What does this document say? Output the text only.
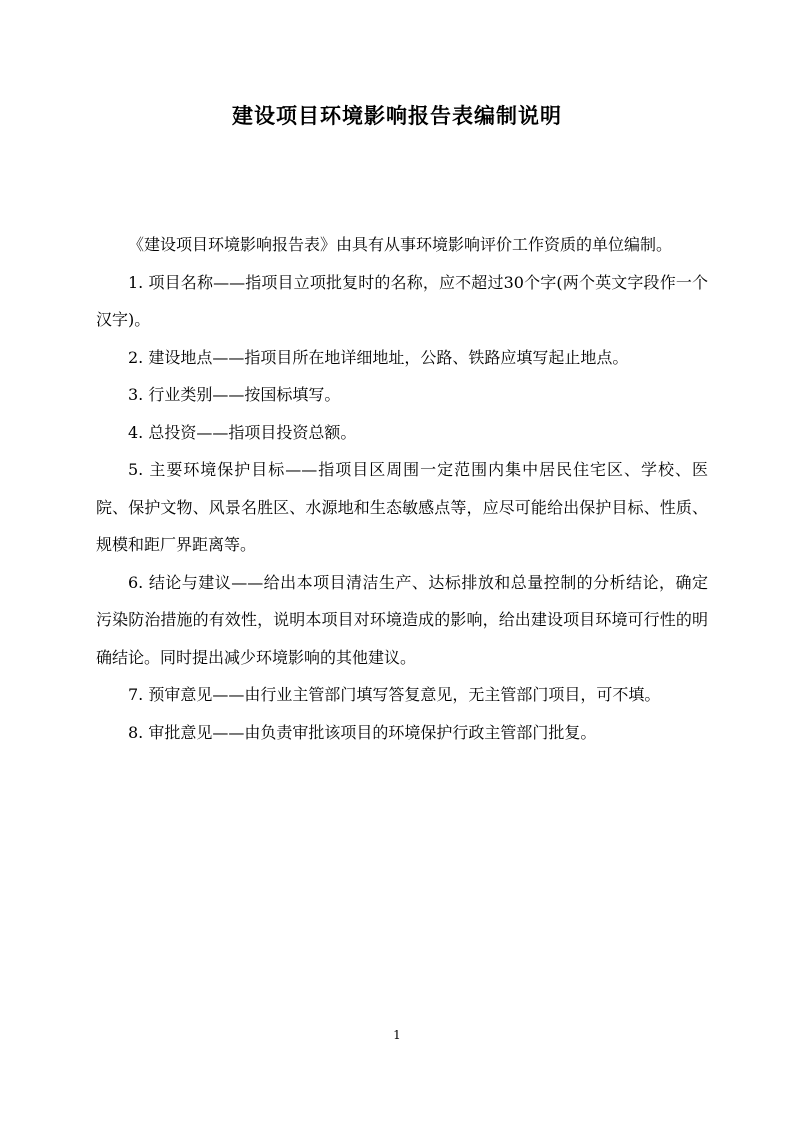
建设项目环境影响报告表编制说明

《建设项目环境影响报告表》由具有从事环境影响评价工作资质的单位编制。

1. 项目名称——指项目立项批复时的名称，应不超过30个字(两个英文字段作一个汉字)。

2. 建设地点——指项目所在地详细地址，公路、铁路应填写起止地点。

3. 行业类别——按国标填写。

4. 总投资——指项目投资总额。

5. 主要环境保护目标——指项目区周围一定范围内集中居民住宅区、学校、医院、保护文物、风景名胜区、水源地和生态敏感点等，应尽可能给出保护目标、性质、规模和距厂界距离等。

6. 结论与建议——给出本项目清洁生产、达标排放和总量控制的分析结论，确定污染防治措施的有效性，说明本项目对环境造成的影响，给出建设项目环境可行性的明确结论。同时提出减少环境影响的其他建议。

7. 预审意见——由行业主管部门填写答复意见，无主管部门项目，可不填。

8. 审批意见——由负责审批该项目的环境保护行政主管部门批复。

1
